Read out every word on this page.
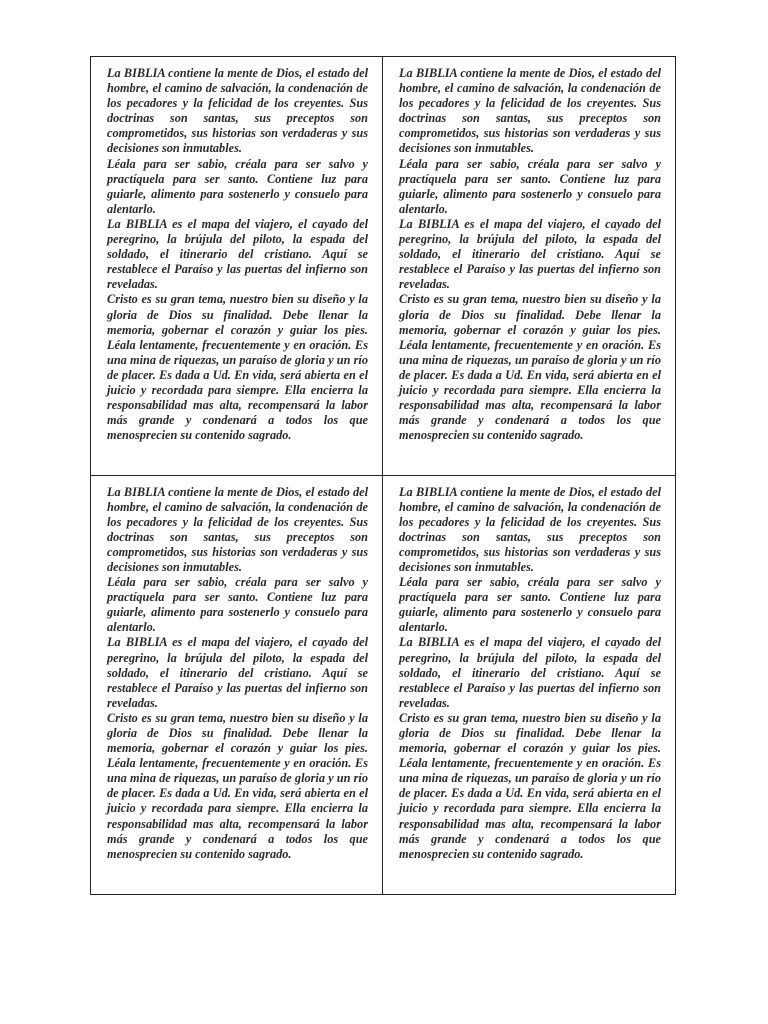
La BIBLIA contiene la mente de Dios, el estado del hombre, el camino de salvación, la condenación de los pecadores y la felicidad de los creyentes. Sus doctrinas son santas, sus preceptos son comprometidos, sus historias son verdaderas y sus decisiones son inmutables.

Léala para ser sabio, créala para ser salvo y practíquela para ser santo. Contiene luz para guiarle, alimento para sostenerlo y consuelo para alentarlo.

La BIBLIA es el mapa del viajero, el cayado del peregrino, la brújula del piloto, la espada del soldado, el itinerario del cristiano. Aquí se restablece el Paraíso y las puertas del infierno son reveladas.

Cristo es su gran tema, nuestro bien su diseño y la gloria de Dios su finalidad. Debe llenar la memoria, gobernar el corazón y guiar los pies. Léala lentamente, frecuentemente y en oración. Es una mina de riquezas, un paraíso de gloria y un río de placer. Es dada a Ud. En vida, será abierta en el juicio y recordada para siempre. Ella encierra la responsabilidad mas alta, recompensará la labor más grande y condenará a todos los que menosprecien su contenido sagrado.

La BIBLIA contiene la mente de Dios, el estado del hombre, el camino de salvación, la condenación de los pecadores y la felicidad de los creyentes. Sus doctrinas son santas, sus preceptos son comprometidos, sus historias son verdaderas y sus decisiones son inmutables.

Léala para ser sabio, créala para ser salvo y practíquela para ser santo. Contiene luz para guiarle, alimento para sostenerlo y consuelo para alentarlo.

La BIBLIA es el mapa del viajero, el cayado del peregrino, la brújula del piloto, la espada del soldado, el itinerario del cristiano. Aquí se restablece el Paraíso y las puertas del infierno son reveladas.

Cristo es su gran tema, nuestro bien su diseño y la gloria de Dios su finalidad. Debe llenar la memoria, gobernar el corazón y guiar los pies. Léala lentamente, frecuentemente y en oración. Es una mina de riquezas, un paraíso de gloria y un río de placer. Es dada a Ud. En vida, será abierta en el juicio y recordada para siempre. Ella encierra la responsabilidad mas alta, recompensará la labor más grande y condenará a todos los que menosprecien su contenido sagrado.

La BIBLIA contiene la mente de Dios, el estado del hombre, el camino de salvación, la condenación de los pecadores y la felicidad de los creyentes. Sus doctrinas son santas, sus preceptos son comprometidos, sus historias son verdaderas y sus decisiones son inmutables.

Léala para ser sabio, créala para ser salvo y practíquela para ser santo. Contiene luz para guiarle, alimento para sostenerlo y consuelo para alentarlo.

La BIBLIA es el mapa del viajero, el cayado del peregrino, la brújula del piloto, la espada del soldado, el itinerario del cristiano. Aquí se restablece el Paraíso y las puertas del infierno son reveladas.

Cristo es su gran tema, nuestro bien su diseño y la gloria de Dios su finalidad. Debe llenar la memoria, gobernar el corazón y guiar los pies. Léala lentamente, frecuentemente y en oración. Es una mina de riquezas, un paraíso de gloria y un río de placer. Es dada a Ud. En vida, será abierta en el juicio y recordada para siempre. Ella encierra la responsabilidad mas alta, recompensará la labor más grande y condenará a todos los que menosprecien su contenido sagrado.

La BIBLIA contiene la mente de Dios, el estado del hombre, el camino de salvación, la condenación de los pecadores y la felicidad de los creyentes. Sus doctrinas son santas, sus preceptos son comprometidos, sus historias son verdaderas y sus decisiones son inmutables.

Léala para ser sabio, créala para ser salvo y practíquela para ser santo. Contiene luz para guiarle, alimento para sostenerlo y consuelo para alentarlo.

La BIBLIA es el mapa del viajero, el cayado del peregrino, la brújula del piloto, la espada del soldado, el itinerario del cristiano. Aquí se restablece el Paraíso y las puertas del infierno son reveladas.

Cristo es su gran tema, nuestro bien su diseño y la gloria de Dios su finalidad. Debe llenar la memoria, gobernar el corazón y guiar los pies. Léala lentamente, frecuentemente y en oración. Es una mina de riquezas, un paraíso de gloria y un río de placer. Es dada a Ud. En vida, será abierta en el juicio y recordada para siempre. Ella encierra la responsabilidad mas alta, recompensará la labor más grande y condenará a todos los que menosprecien su contenido sagrado.
